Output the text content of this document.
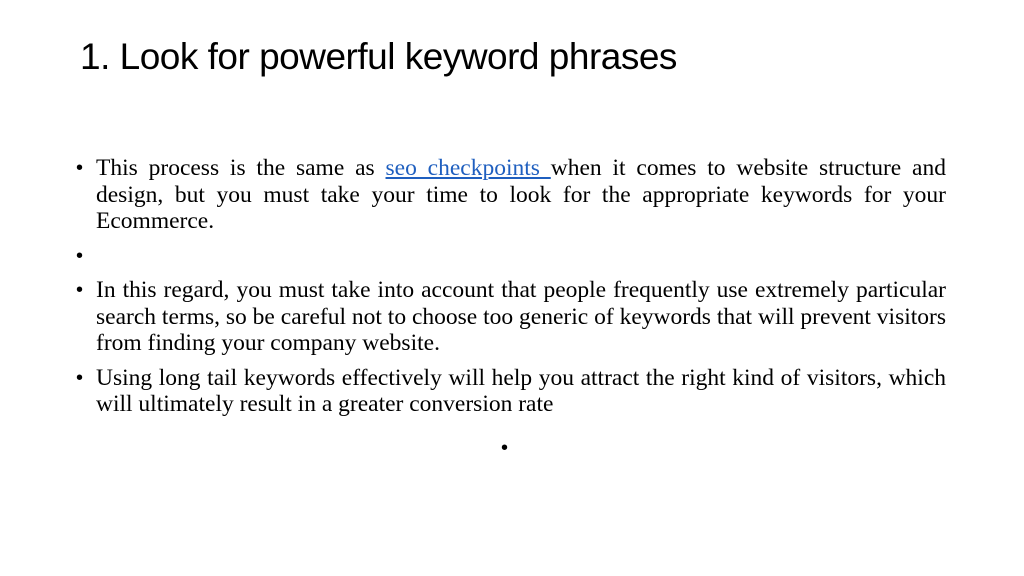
1. Look for powerful keyword phrases
• This process is the same as seo checkpoints when it comes to website structure and design, but you must take your time to look for the appropriate keywords for your Ecommerce.
•
• In this regard, you must take into account that people frequently use extremely particular search terms, so be careful not to choose too generic of keywords that will prevent visitors from finding your company website.
• Using long tail keywords effectively will help you attract the right kind of visitors, which will ultimately result in a greater conversion rate
•
